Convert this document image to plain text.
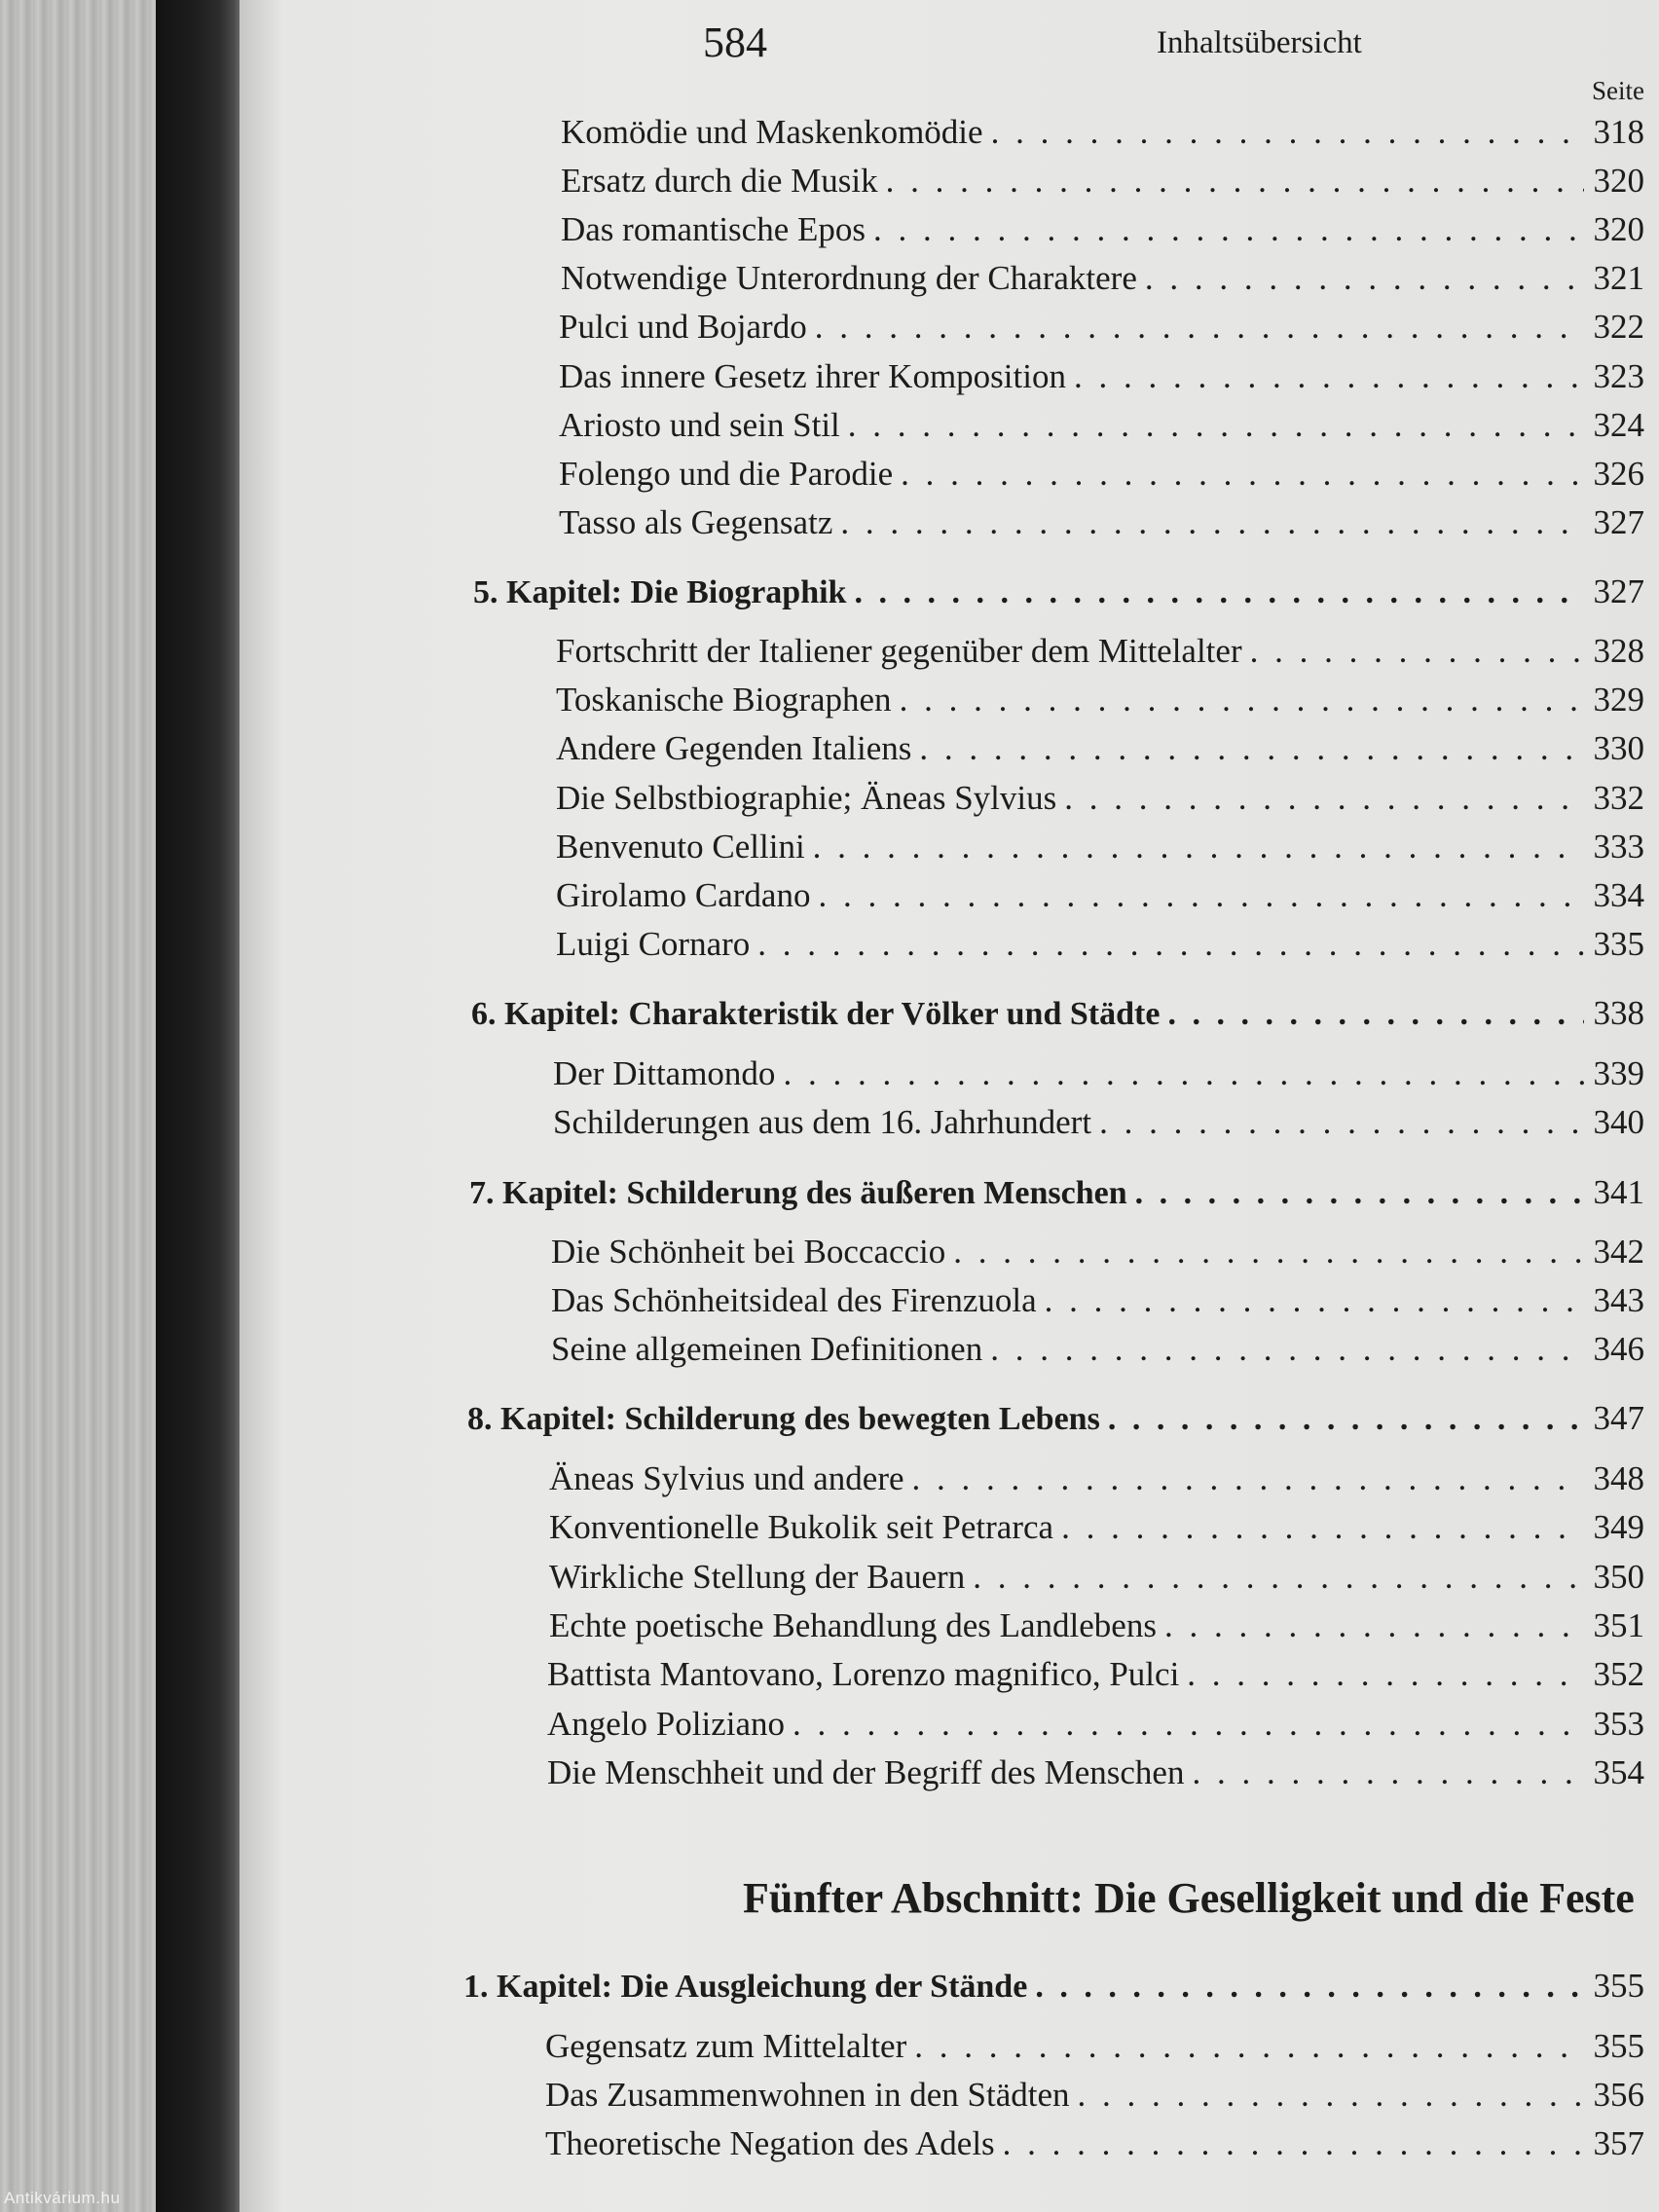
584	Inhaltsübersicht
Seite
Komödie und Maskenkomödie . . .	318
Ersatz durch die Musik . . .	320
Das romantische Epos . . .	320
Notwendige Unterordnung der Charaktere . . .	321
Pulci und Bojardo . . .	322
Das innere Gesetz ihrer Komposition . . .	323
Ariosto und sein Stil . . .	324
Folengo und die Parodie . . .	326
Tasso als Gegensatz . . .	327
5. Kapitel: Die Biographik . . .	327
Fortschritt der Italiener gegenüber dem Mittelalter . . .	328
Toskanische Biographen . . .	329
Andere Gegenden Italiens . . .	330
Die Selbstbiographie; Äneas Sylvius . . .	332
Benvenuto Cellini . . .	333
Girolamo Cardano . . .	334
Luigi Cornaro . . .	335
6. Kapitel: Charakteristik der Völker und Städte . . .	338
Der Dittamondo . . .	339
Schilderungen aus dem 16. Jahrhundert . . .	340
7. Kapitel: Schilderung des äußeren Menschen . . .	341
Die Schönheit bei Boccaccio . . .	342
Das Schönheitsideal des Firenzuola . . .	343
Seine allgemeinen Definitionen . . .	346
8. Kapitel: Schilderung des bewegten Lebens . . .	347
Äneas Sylvius und andere . . .	348
Konventionelle Bukolik seit Petrarca . . .	349
Wirkliche Stellung der Bauern . . .	350
Echte poetische Behandlung des Landlebens . . .	351
Battista Mantovano, Lorenzo magnifico, Pulci . . .	352
Angelo Poliziano . . .	353
Die Menschheit und der Begriff des Menschen . . .	354
Fünfter Abschnitt: Die Geselligkeit und die Feste
1. Kapitel: Die Ausgleichung der Stände . . .	355
Gegensatz zum Mittelalter . . .	355
Das Zusammenwohnen in den Städten . . .	356
Theoretische Negation des Adels . . .	357
Antikvárium.hu
